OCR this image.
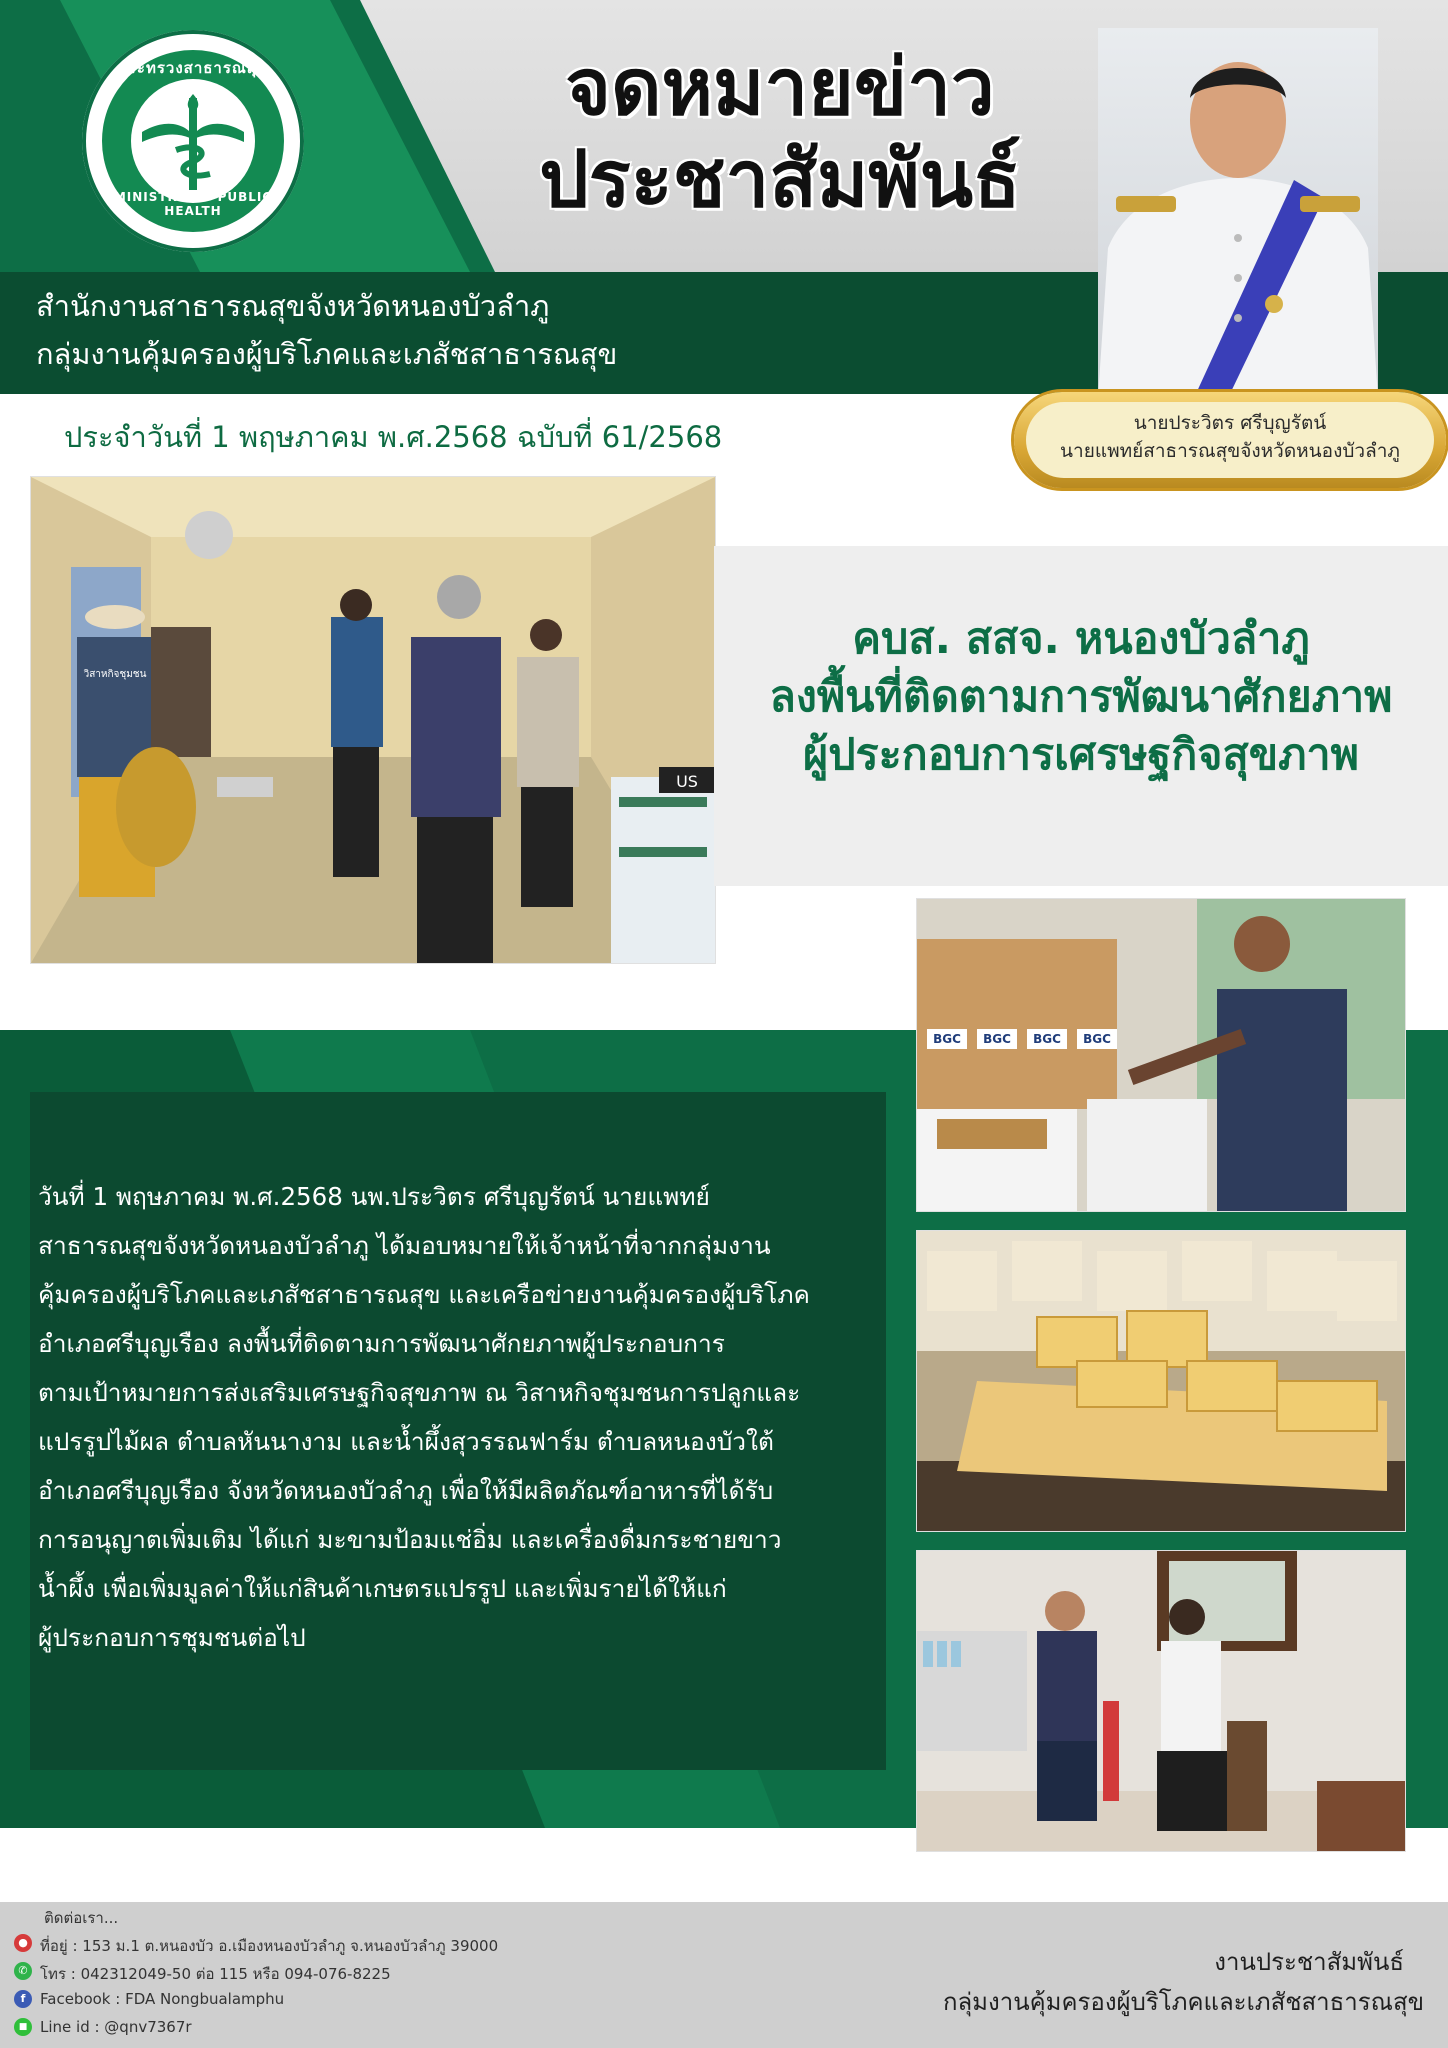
กระทรวงสาธารณสุข
MINISTRY OF PUBLIC HEALTH
จดหมายข่าว
ประชาสัมพันธ์
สำนักงานสาธารณสุขจังหวัดหนองบัวลำภู
กลุ่มงานคุ้มครองผู้บริโภคและเภสัชสาธารณสุข
นายประวิตร ศรีบุญรัตน์
นายแพทย์สาธารณสุขจังหวัดหนองบัวลำภู
ประจำวันที่ 1 พฤษภาคม พ.ศ.2568 ฉบับที่ 61/2568
US
วิสาหกิจชุมชน
คบส. สสจ. หนองบัวลำภู
ลงพื้นที่ติดตามการพัฒนาศักยภาพ
ผู้ประกอบการเศรษฐกิจสุขภาพ
วันที่ 1 พฤษภาคม พ.ศ.2568 นพ.ประวิตร ศรีบุญรัตน์ นายแพทย์
สาธารณสุขจังหวัดหนองบัวลำภู ได้มอบหมายให้เจ้าหน้าที่จากกลุ่มงาน
คุ้มครองผู้บริโภคและเภสัชสาธารณสุข และเครือข่ายงานคุ้มครองผู้บริโภค
อำเภอศรีบุญเรือง ลงพื้นที่ติดตามการพัฒนาศักยภาพผู้ประกอบการ
ตามเป้าหมายการส่งเสริมเศรษฐกิจสุขภาพ ณ วิสาหกิจชุมชนการปลูกและ
แปรรูปไม้ผล ตำบลหันนางาม และน้ำผึ้งสุวรรณฟาร์ม ตำบลหนองบัวใต้
อำเภอศรีบุญเรือง จังหวัดหนองบัวลำภู เพื่อให้มีผลิตภัณฑ์อาหารที่ได้รับ
การอนุญาตเพิ่มเติม ได้แก่ มะขามป้อมแช่อิ่ม และเครื่องดื่มกระชายขาว
น้ำผึ้ง เพื่อเพิ่มมูลค่าให้แก่สินค้าเกษตรแปรรูป และเพิ่มรายได้ให้แก่
ผู้ประกอบการชุมชนต่อไป
BGC BGC BGC BGC
ติดต่อเรา...
● ที่อยู่ : 153 ม.1 ต.หนองบัว อ.เมืองหนองบัวลำภู จ.หนองบัวลำภู 39000
✆ โทร : 042312049-50 ต่อ 115 หรือ 094-076-8225
f Facebook : FDA Nongbualamphu
■ Line id : @qnv7367r
งานประชาสัมพันธ์
กลุ่มงานคุ้มครองผู้บริโภคและเภสัชสาธารณสุข
